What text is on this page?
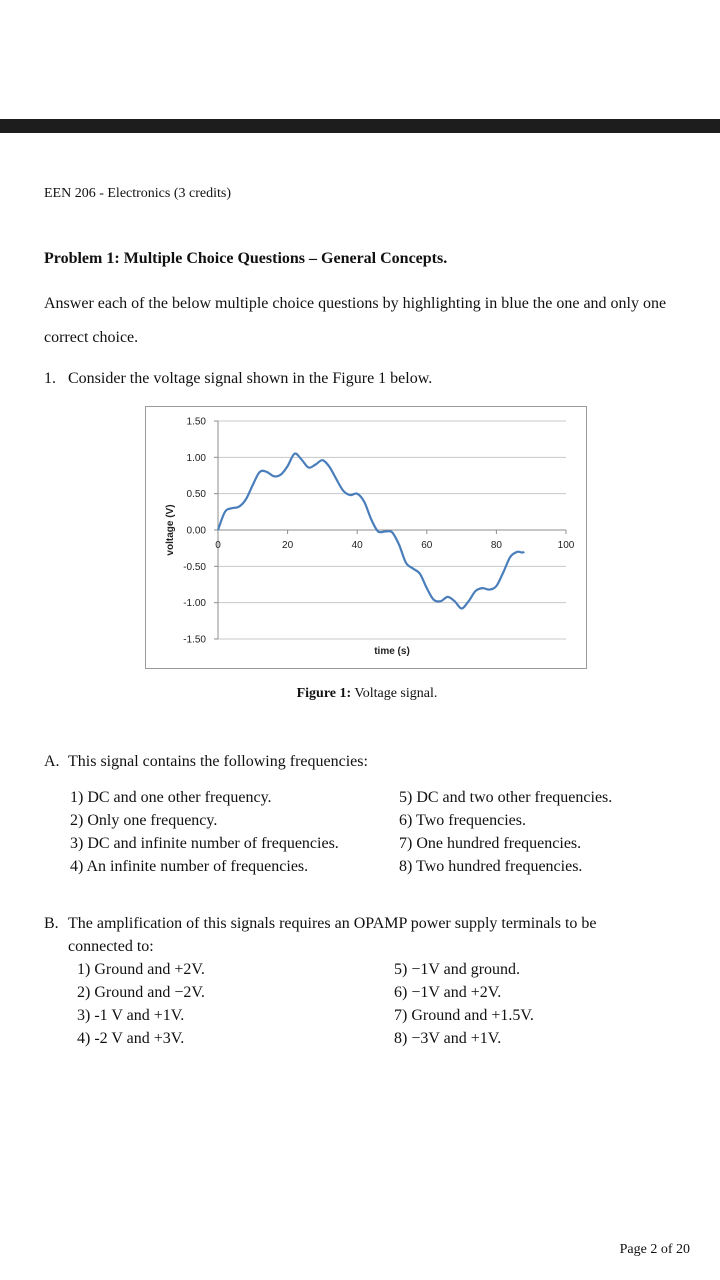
EEN 206 - Electronics (3 credits)
Problem 1: Multiple Choice Questions – General Concepts.
Answer each of the below multiple choice questions by highlighting in blue the one and only one correct choice.
1. Consider the voltage signal shown in the Figure 1 below.
1.50
1.00
0.50
0.00
-0.50
-1.00
-1.50
0	20	40	60	80	100
time (s)
voltage (V)
Figure 1: Voltage signal.
A. This signal contains the following frequencies:
1) DC and one other frequency.
2) Only one frequency.
3) DC and infinite number of frequencies.
4) An infinite number of frequencies.
5) DC and two other frequencies.
6) Two frequencies.
7) One hundred frequencies.
8) Two hundred frequencies.
B. The amplification of this signals requires an OPAMP power supply terminals to be
connected to:
1) Ground and +2V.
2) Ground and −2V.
3) -1 V and +1V.
4) -2 V and +3V.
5) −1V and ground.
6) −1V and +2V.
7) Ground and +1.5V.
8) −3V and +1V.
Page 2 of 20
